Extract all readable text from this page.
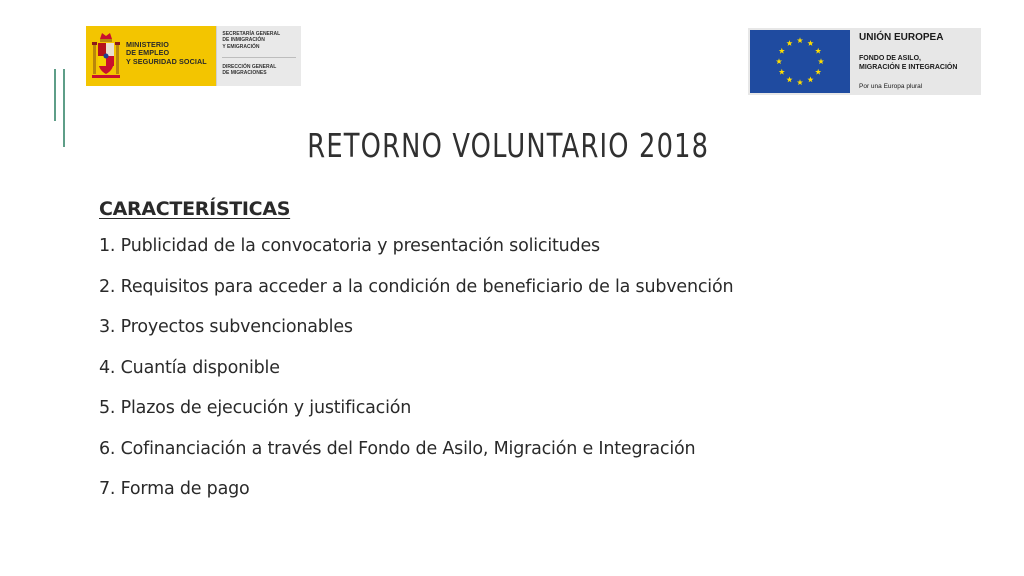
MINISTERIO
DE EMPLEO
Y SEGURIDAD SOCIAL
SECRETARÍA GENERAL
DE INMIGRACIÓN
Y EMIGRACIÓN
DIRECCIÓN GENERAL
DE MIGRACIONES
UNIÓN EUROPEA
FONDO DE ASILO,
MIGRACIÓN E INTEGRACIÓN
Por una Europa plural
RETORNO VOLUNTARIO 2018
CARACTERÍSTICAS
1. Publicidad de la convocatoria y presentación solicitudes
2. Requisitos para acceder a la condición de beneficiario de la subvención
3. Proyectos subvencionables
4. Cuantía disponible
5. Plazos de ejecución y justificación
6. Cofinanciación a través del Fondo de Asilo, Migración e Integración
7. Forma de pago
